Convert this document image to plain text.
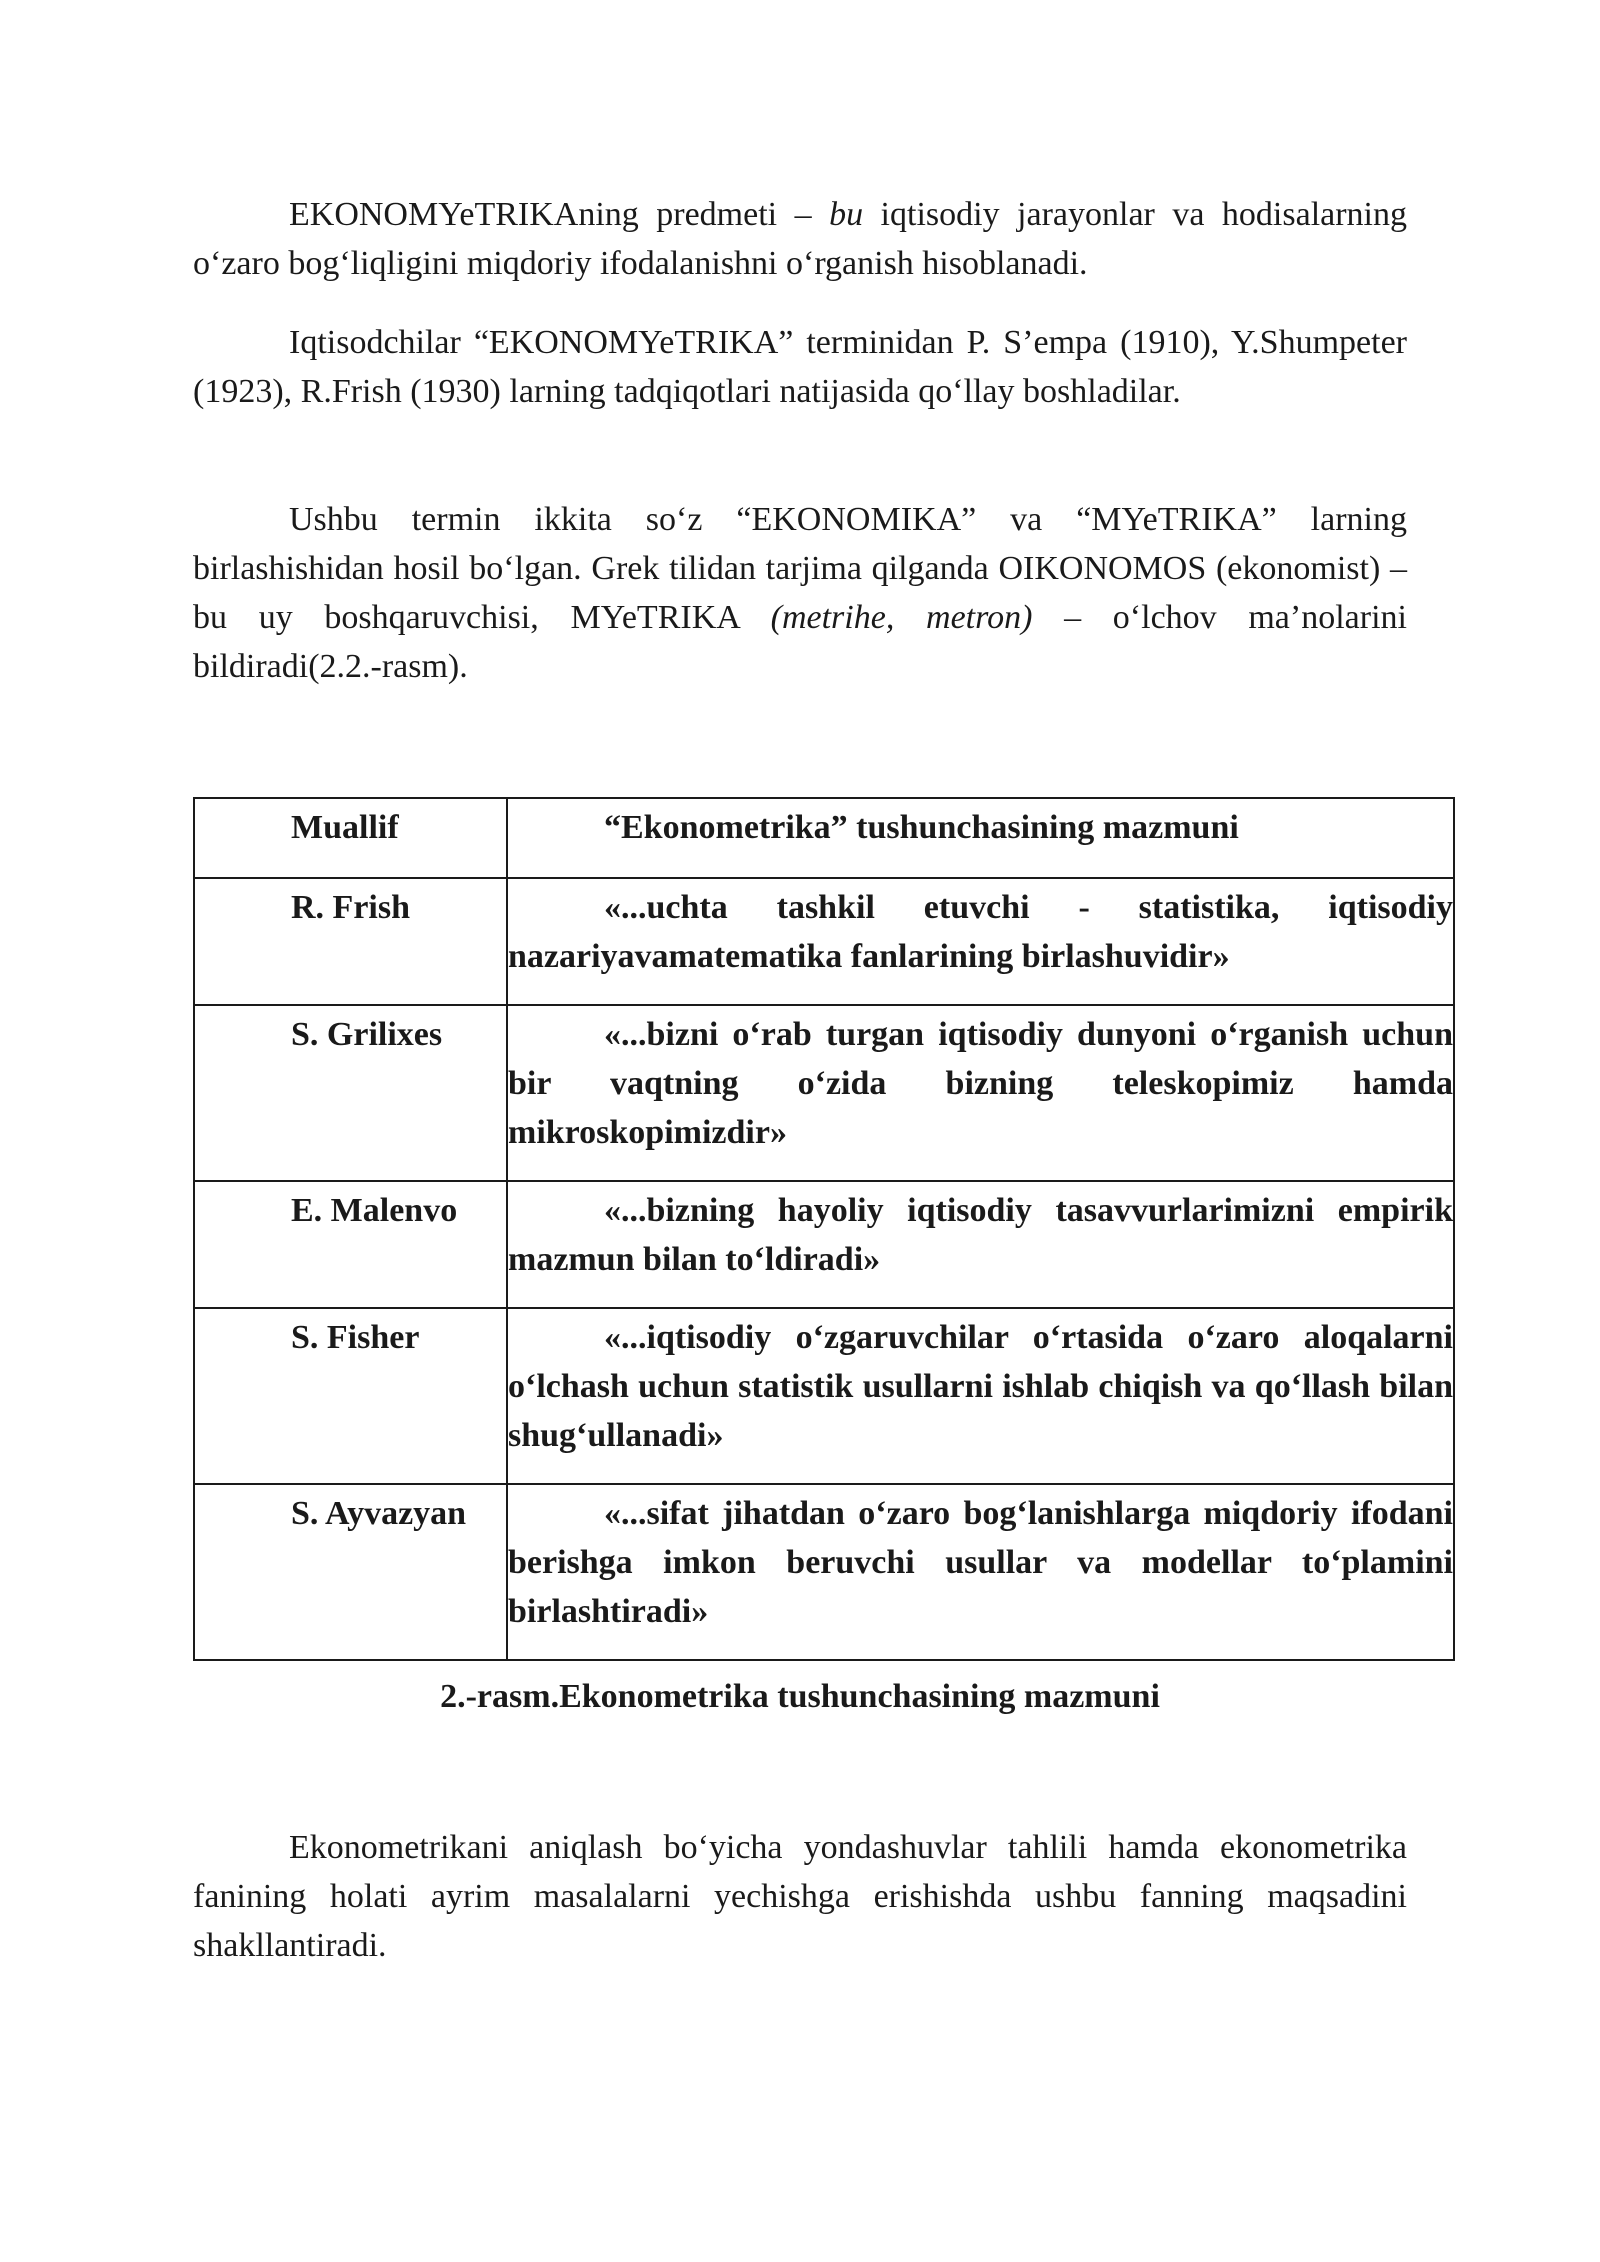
EKONOMYeTRIKAning predmeti – bu iqtisodiy jarayonlar va hodisalarning o‘zaro bog‘liqligini miqdoriy ifodalanishni o‘rganish hisoblanadi.

Iqtisodchilar “EKONOMYeTRIKA” terminidan P. S’empa (1910), Y.Shumpeter (1923), R.Frish (1930) larning tadqiqotlari natijasida qo‘llay boshladilar.

Ushbu termin ikkita so‘z “EKONOMIKA” va “MYeTRIKA” larning birlashishidan hosil bo‘lgan. Grek tilidan tarjima qilganda OIKONOMOS (ekonomist) – bu uy boshqaruvchisi, MYeTRIKA (metrihe, metron) – o‘lchov ma’nolarini bildiradi(2.2.-rasm).

Muallif	“Ekonometrika” tushunchasining mazmuni
R. Frish	«...uchta tashkil etuvchi - statistika, iqtisodiy nazariyavamatematika fanlarining birlashuvidir»
S. Grilixes	«...bizni o‘rab turgan iqtisodiy dunyoni o‘rganish uchun bir vaqtning o‘zida bizning teleskopimiz hamda mikroskopimizdir»
E. Malenvo	«...bizning hayoliy iqtisodiy tasavvurlarimizni empirik mazmun bilan to‘ldiradi»
S. Fisher	«...iqtisodiy o‘zgaruvchilar o‘rtasida o‘zaro aloqalarni o‘lchash uchun statistik usullarni ishlab chiqish va qo‘llash bilan shug‘ullanadi»
S. Ayvazyan	«...sifat jihatdan o‘zaro bog‘lanishlarga miqdoriy ifodani berishga imkon beruvchi usullar va modellar to‘plamini birlashtiradi»

2.-rasm.Ekonometrika tushunchasining mazmuni

Ekonometrikani aniqlash bo‘yicha yondashuvlar tahlili hamda ekonometrika fanining holati ayrim masalalarni yechishga erishishda ushbu fanning maqsadini shakllantiradi.
